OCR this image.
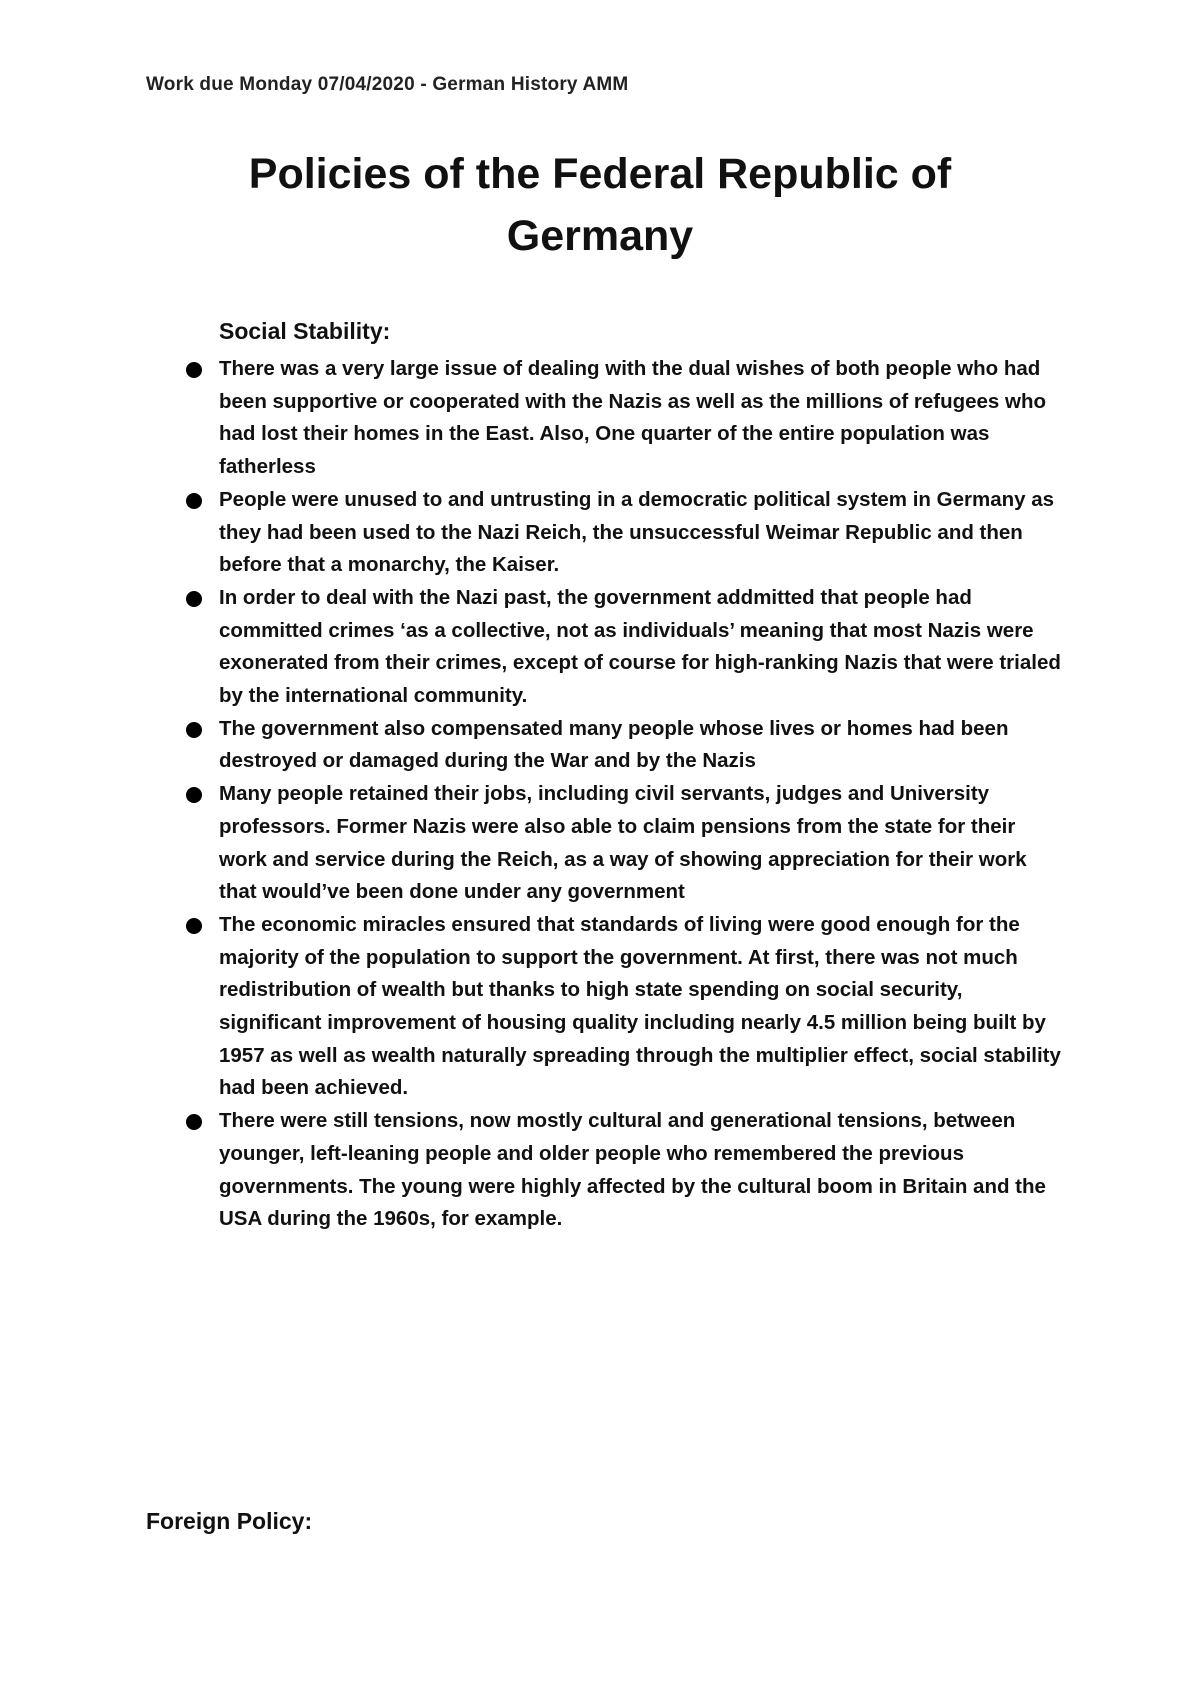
Work due Monday 07/04/2020 - German History AMM
Policies of the Federal Republic of Germany
Social Stability:
There was a very large issue of dealing with the dual wishes of both people who had been supportive or cooperated with the Nazis as well as the millions of refugees who had lost their homes in the East. Also, One quarter of the entire population was fatherless
People were unused to and untrusting in a democratic political system in Germany as they had been used to the Nazi Reich, the unsuccessful Weimar Republic and then before that a monarchy, the Kaiser.
In order to deal with the Nazi past, the government addmitted that people had committed crimes ‘as a collective, not as individuals’ meaning that most Nazis were exonerated from their crimes, except of course for high-ranking Nazis that were trialed by the international community.
The government also compensated many people whose lives or homes had been destroyed or damaged during the War and by the Nazis
Many people retained their jobs, including civil servants, judges and University professors. Former Nazis were also able to claim pensions from the state for their work and service during the Reich, as a way of showing appreciation for their work that would’ve been done under any government
The economic miracles ensured that standards of living were good enough for the majority of the population to support the government. At first, there was not much redistribution of wealth but thanks to high state spending on social security, significant improvement of housing quality including nearly 4.5 million being built by 1957 as well as wealth naturally spreading through the multiplier effect, social stability had been achieved.
There were still tensions, now mostly cultural and generational tensions, between younger, left-leaning people and older people who remembered the previous governments. The young were highly affected by the cultural boom in Britain and the USA during the 1960s, for example.
Foreign Policy:
